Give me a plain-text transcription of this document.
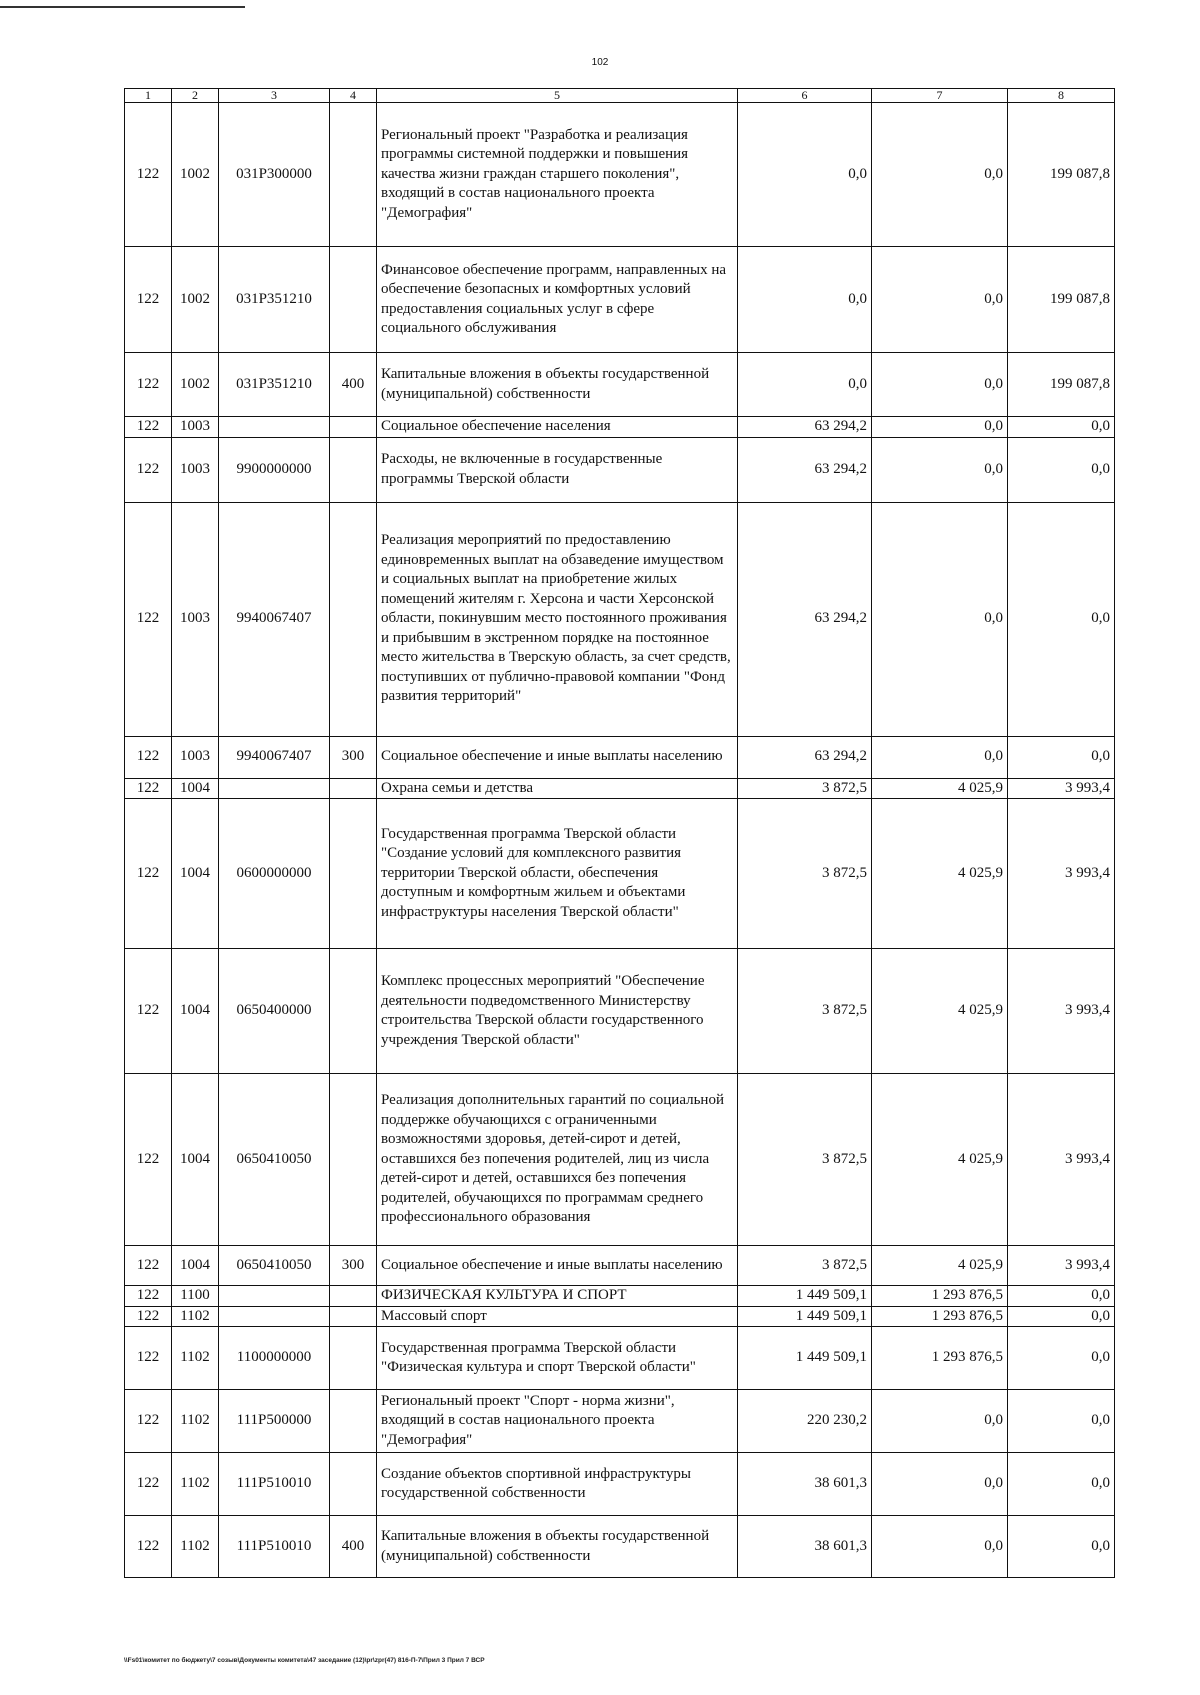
102
1	2	3	4	5	6	7	8
122	1002	031P300000		Региональный проект "Разработка и реализация программы системной поддержки и повышения качества жизни граждан старшего поколения", входящий в состав национального проекта "Демография"	0,0	0,0	199 087,8
122	1002	031P351210		Финансовое обеспечение программ, направленных на обеспечение безопасных и комфортных условий предоставления социальных услуг в сфере социального обслуживания	0,0	0,0	199 087,8
122	1002	031P351210	400	Капитальные вложения в объекты государственной (муниципальной) собственности	0,0	0,0	199 087,8
122	1003			Социальное обеспечение населения	63 294,2	0,0	0,0
122	1003	9900000000		Расходы, не включенные в государственные программы Тверской области	63 294,2	0,0	0,0
122	1003	9940067407		Реализация мероприятий по предоставлению единовременных выплат на обзаведение имуществом и социальных выплат на приобретение жилых помещений жителям г. Херсона и части Херсонской области, покинувшим место постоянного проживания и прибывшим в экстренном порядке на постоянное место жительства в Тверскую область, за счет средств, поступивших от публично-правовой компании "Фонд развития территорий"	63 294,2	0,0	0,0
122	1003	9940067407	300	Социальное обеспечение и иные выплаты населению	63 294,2	0,0	0,0
122	1004			Охрана семьи и детства	3 872,5	4 025,9	3 993,4
122	1004	0600000000		Государственная программа Тверской области "Создание условий для комплексного развития территории Тверской области, обеспечения доступным и комфортным жильем и объектами инфраструктуры населения Тверской области"	3 872,5	4 025,9	3 993,4
122	1004	0650400000		Комплекс процессных мероприятий "Обеспечение деятельности подведомственного Министерству строительства Тверской области государственного учреждения Тверской области"	3 872,5	4 025,9	3 993,4
122	1004	0650410050		Реализация дополнительных гарантий по социальной поддержке обучающихся с ограниченными возможностями здоровья, детей-сирот и детей, оставшихся без попечения родителей, лиц из числа детей-сирот и детей, оставшихся без попечения родителей, обучающихся по программам среднего профессионального образования	3 872,5	4 025,9	3 993,4
122	1004	0650410050	300	Социальное обеспечение и иные выплаты населению	3 872,5	4 025,9	3 993,4
122	1100			ФИЗИЧЕСКАЯ КУЛЬТУРА И СПОРТ	1 449 509,1	1 293 876,5	0,0
122	1102			Массовый спорт	1 449 509,1	1 293 876,5	0,0
122	1102	1100000000		Государственная программа Тверской области "Физическая культура и спорт Тверской области"	1 449 509,1	1 293 876,5	0,0
122	1102	111P500000		Региональный проект "Спорт - норма жизни", входящий в состав национального проекта "Демография"	220 230,2	0,0	0,0
122	1102	111P510010		Создание объектов спортивной инфраструктуры государственной собственности	38 601,3	0,0	0,0
122	1102	111P510010	400	Капитальные вложения в объекты государственной (муниципальной) собственности	38 601,3	0,0	0,0
\\Fs01\комитет по бюджету\7 созыв\Документы комитета\47 заседание (12)\pr\zpr(47) 816-П-7\Прил 3 Прил 7 ВСР
